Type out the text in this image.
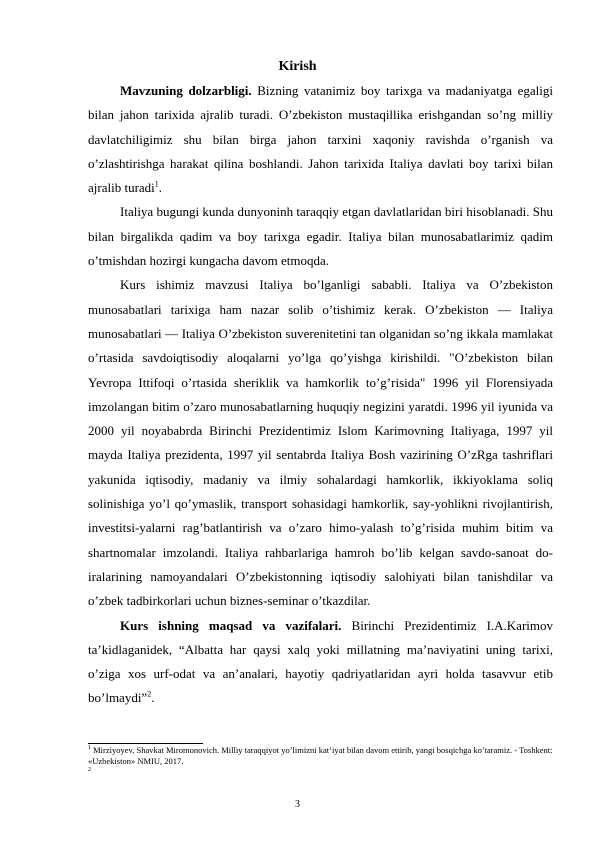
Kirish

Mavzuning dolzarbligi. Bizning vatanimiz boy tarixga va madaniyatga egaligi bilan jahon tarixida ajralib turadi. O’zbekiston mustaqillika erishgandan so’ng milliy davlatchiligimiz shu bilan birga jahon tarxini xaqoniy ravishda o’rganish va o’zlashtirishga harakat qilina boshlandi. Jahon tarixida Italiya davlati boy tarixi bilan ajralib turadi$^1$.

Italiya bugungi kunda dunyoninh taraqqiy etgan davlatlaridan biri hisoblanadi. Shu bilan birgalikda qadim va boy tarixga egadir. Italiya bilan munosabatlarimiz qadim o’tmishdan hozirgi kungacha davom etmoqda.

Kurs ishimiz mavzusi Italiya bo’lganligi sababli. Italiya va O’zbekiston munosabatlari tarixiga ham nazar solib o’tishimiz kerak. O’zbekiston — Italiya munosabatlari — Italiya O’zbekiston suverenitetini tan olganidan so’ng ikkala mamlakat o’rtasida savdoiqtisodiy aloqalarni yo’lga qo’yishga kirishildi. "O’zbekiston bilan Yevropa Ittifoqi o’rtasida sheriklik va hamkorlik to’g’risida" 1996 yil Florensiyada imzolangan bitim o’zaro munosabatlarning huquqiy negizini yaratdi. 1996 yil iyunida va 2000 yil noyababrda Birinchi Prezidentimiz Islom Karimovning Italiyaga, 1997 yil mayda Italiya prezidenta, 1997 yil sentabrda Italiya Bosh vazirining O’zRga tashriflari yakunida iqtisodiy, madaniy va ilmiy sohalardagi hamkorlik, ikkiyoklama soliq solinishiga yo’l qo’ymaslik, transport sohasidagi hamkorlik, say-yohlikni rivojlantirish, investitsi-yalarni rag’batlantirish va o’zaro himo-yalash to’g’risida muhim bitim va shartnomalar imzolandi. Italiya rahbarlariga hamroh bo’lib kelgan savdo-sanoat do-iralarining namoyandalari O’zbekistonning iqtisodiy salohiyati bilan tanishdilar va o’zbek tadbirkorlari uchun biznes-seminar o’tkazdilar.

Kurs ishning maqsad va vazifalari. Birinchi Prezidentimiz I.A.Karimov ta’kidlaganidek, “Albatta har qaysi xalq yoki millatning ma’naviyatini uning tarixi, o’ziga xos urf-odat va an’analari, hayotiy qadriyatlaridan ayri holda tasavvur etib bo’lmaydi”$^2$.

$^1$ Mirziyoyev, Shavkat Miromonovich. Milliy taraqqiyot yo’limizni kat’iyat bilan davom ettirib, yangi bosqichga ko’taramiz. - Toshkent: «Uzbekiston» NMIU, 2017.
$^2$
3
